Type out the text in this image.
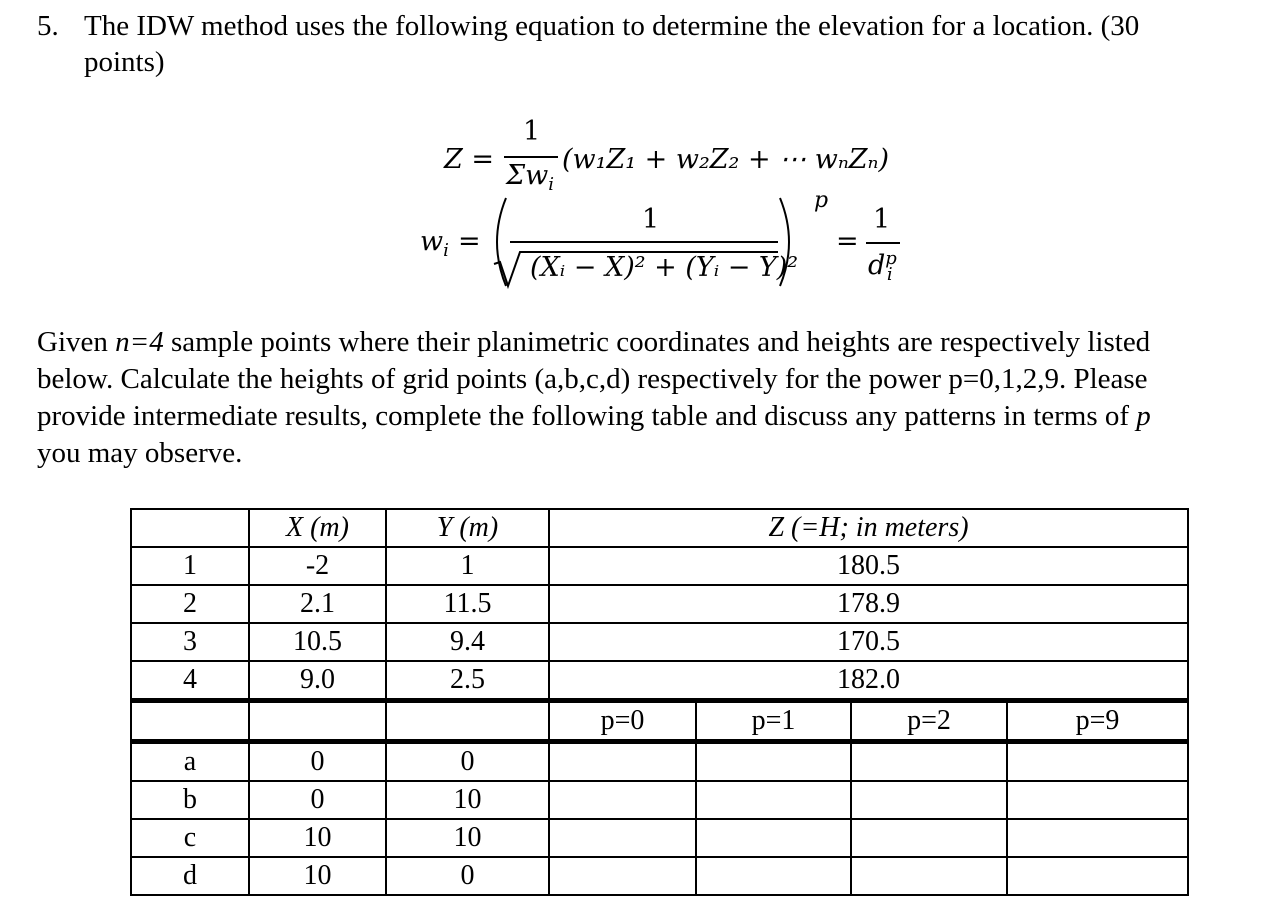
5. The IDW method uses the following equation to determine the elevation for a location. (30
points)
Z =
1
$\Sigma w_i$
(w₁Z₁ + w₂Z₂ + ⋯ wₙZₙ)
$w_i$ =
1
(Xᵢ − X)² + (Yᵢ − Y)²
p
=
1
$d^p_i$
Given n=4 sample points where their planimetric coordinates and heights are respectively listed
below. Calculate the heights of grid points (a,b,c,d) respectively for the power p=0,1,2,9. Please
provide intermediate results, complete the following table and discuss any patterns in terms of p
you may observe.
	X (m)	Y (m)	Z (=H; in meters)			
1	-2	1	180.5			
2	2.1	11.5	178.9			
3	10.5	9.4	170.5			
4	9.0	2.5	182.0			
			p=0	p=1	p=2	p=9
a	0	0				
b	0	10				
c	10	10				
d	10	0				
